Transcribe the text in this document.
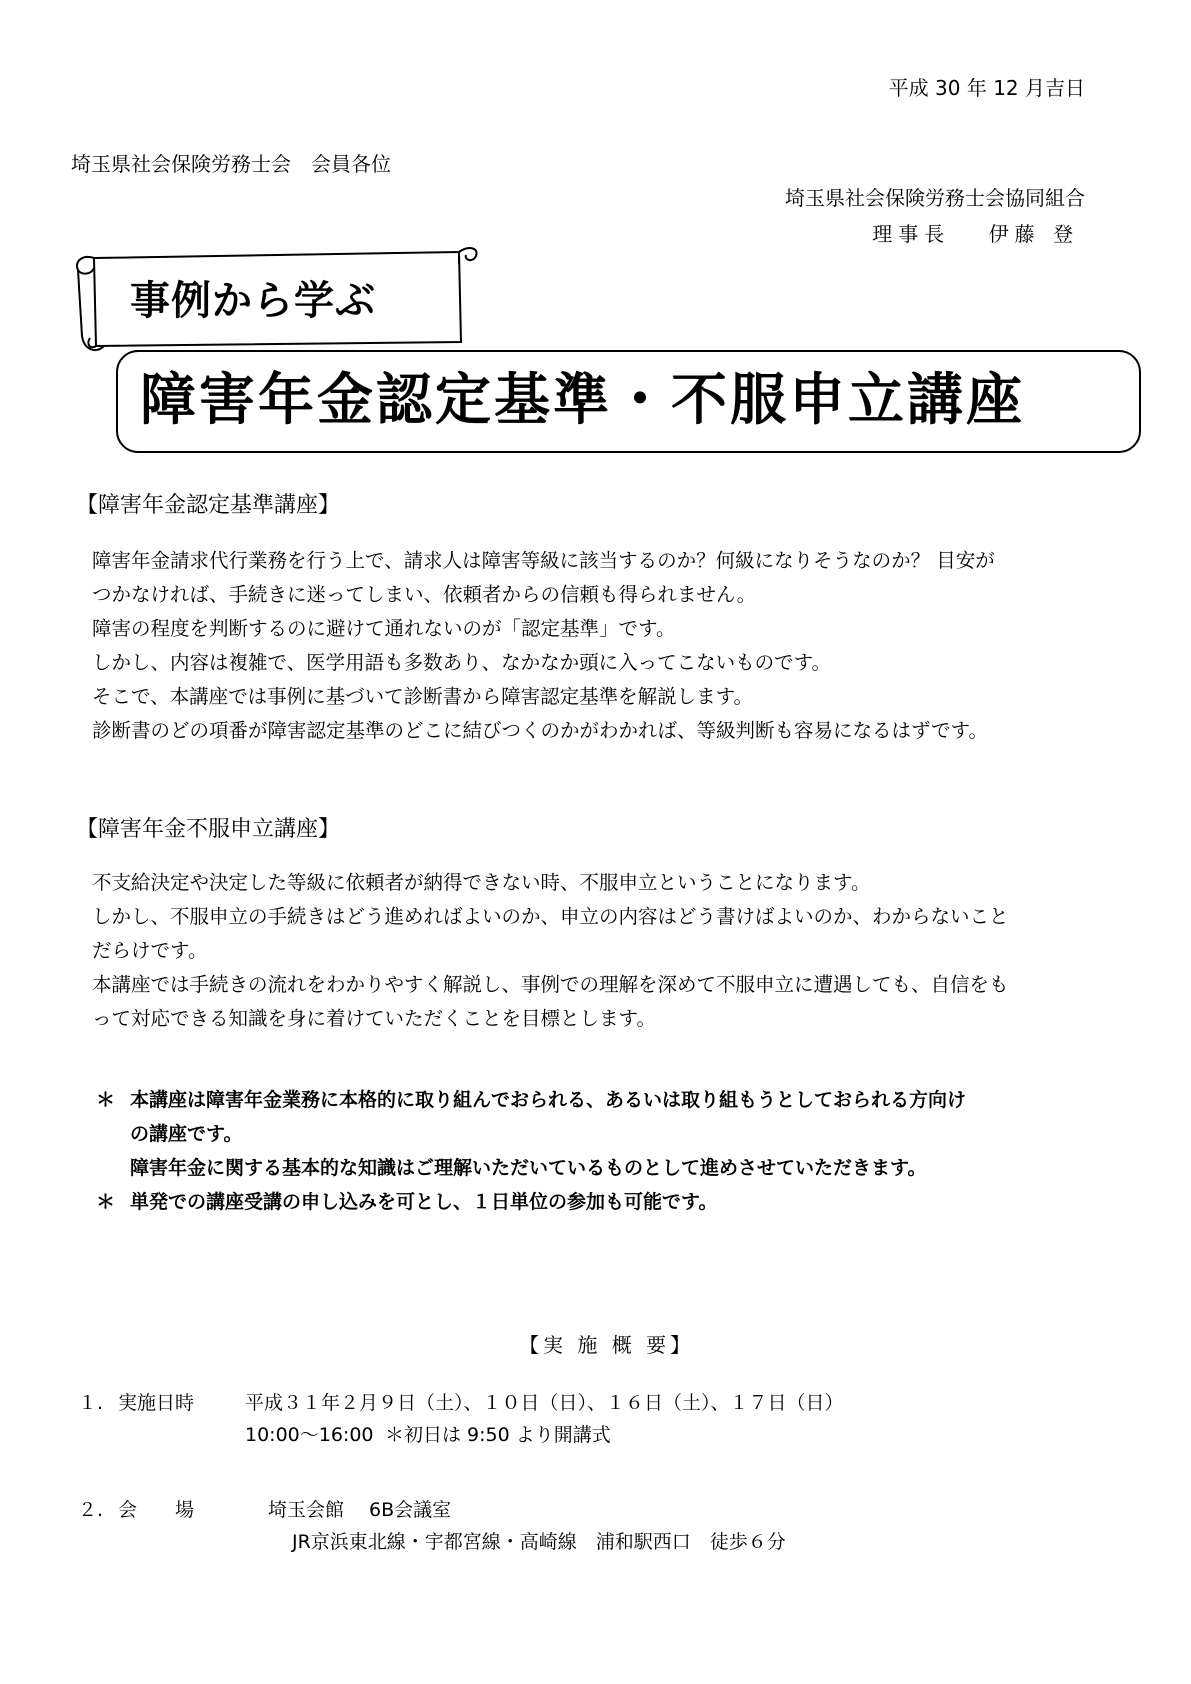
平成 30 年 12 月吉日
埼玉県社会保険労務士会　会員各位
埼玉県社会保険労務士会協同組合
理事長　 伊藤 登
事例から学ぶ
障害年金認定基準・不服申立講座
【障害年金認定基準講座】
障害年金請求代行業務を行う上で、請求人は障害等級に該当するのか？何級になりそうなのか？ 目安が
つかなければ、手続きに迷ってしまい、依頼者からの信頼も得られません。
障害の程度を判断するのに避けて通れないのが「認定基準」です。
しかし、内容は複雑で、医学用語も多数あり、なかなか頭に入ってこないものです。
そこで、本講座では事例に基づいて診断書から障害認定基準を解説します。
診断書のどの項番が障害認定基準のどこに結びつくのかがわかれば、等級判断も容易になるはずです。
【障害年金不服申立講座】
不支給決定や決定した等級に依頼者が納得できない時、不服申立ということになります。
しかし、不服申立の手続きはどう進めればよいのか、申立の内容はどう書けばよいのか、わからないこと
だらけです。
本講座では手続きの流れをわかりやすく解説し、事例での理解を深めて不服申立に遭遇しても、自信をも
って対応できる知識を身に着けていただくことを目標とします。
＊ 本講座は障害年金業務に本格的に取り組んでおられる、あるいは取り組もうとしておられる方向け
の講座です。
障害年金に関する基本的な知識はご理解いただいているものとして進めさせていただきます。
＊ 単発での講座受講の申し込みを可とし、１日単位の参加も可能です。
【実 施 概 要】
１. 実施日時	平成３１年２月９日（土）、１０日（日）、１６日（土）、１７日（日）
10:00～16:00 ＊初日は 9:50 より開講式
２. 会　　場	埼玉会館　 6B会議室
JR京浜東北線・宇都宮線・高崎線　浦和駅西口　徒歩６分
